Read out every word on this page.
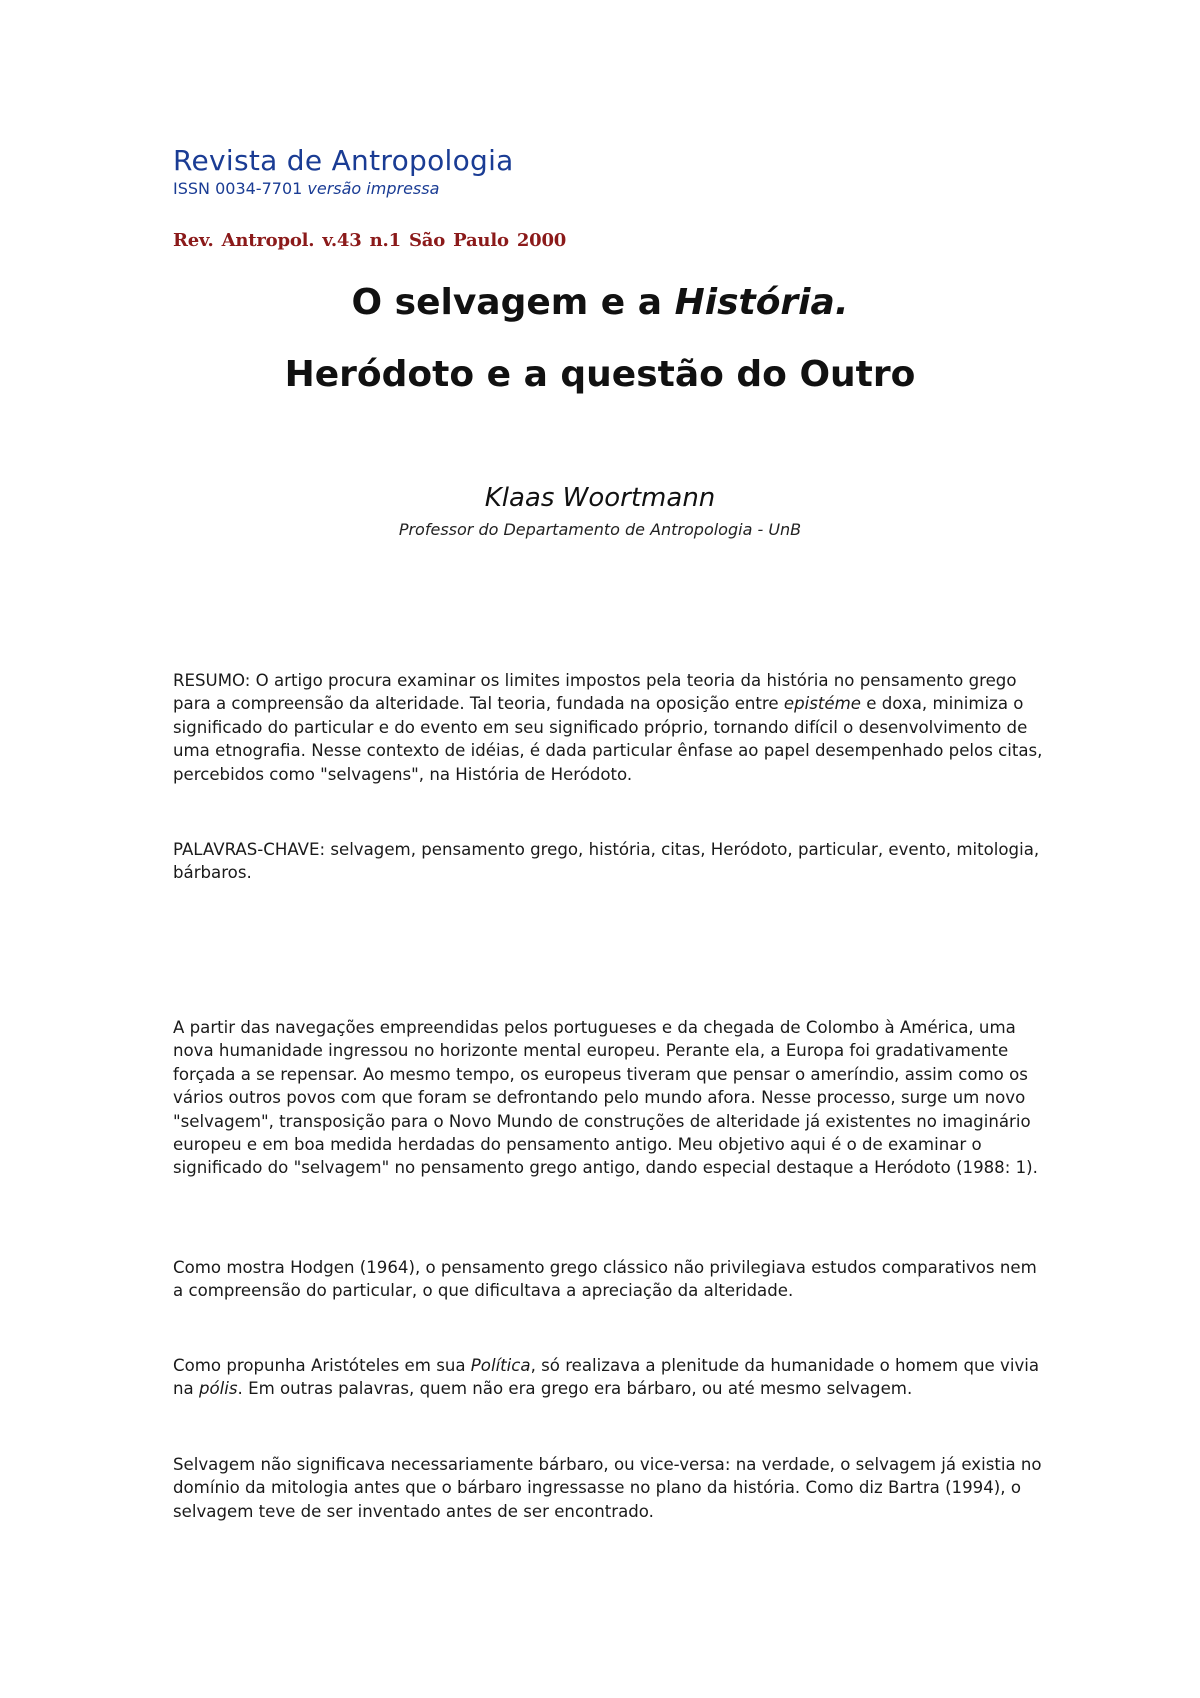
Revista de Antropologia
ISSN 0034-7701 versão impressa
Rev. Antropol. v.43 n.1 São Paulo 2000
O selvagem e a História.
Heródoto e a questão do Outro
Klaas Woortmann
Professor do Departamento de Antropologia - UnB

RESUMO: O artigo procura examinar os limites impostos pela teoria da história no pensamento grego para a compreensão da alteridade. Tal teoria, fundada na oposição entre epistéme e doxa, minimiza o significado do particular e do evento em seu significado próprio, tornando difícil o desenvolvimento de uma etnografia. Nesse contexto de idéias, é dada particular ênfase ao papel desempenhado pelos citas, percebidos como "selvagens", na História de Heródoto.

PALAVRAS-CHAVE: selvagem, pensamento grego, história, citas, Heródoto, particular, evento, mitologia, bárbaros.

A partir das navegações empreendidas pelos portugueses e da chegada de Colombo à América, uma nova humanidade ingressou no horizonte mental europeu. Perante ela, a Europa foi gradativamente forçada a se repensar. Ao mesmo tempo, os europeus tiveram que pensar o ameríndio, assim como os vários outros povos com que foram se defrontando pelo mundo afora. Nesse processo, surge um novo "selvagem", transposição para o Novo Mundo de construções de alteridade já existentes no imaginário europeu e em boa medida herdadas do pensamento antigo. Meu objetivo aqui é o de examinar o significado do "selvagem" no pensamento grego antigo, dando especial destaque a Heródoto (1988: 1).

Como mostra Hodgen (1964), o pensamento grego clássico não privilegiava estudos comparativos nem a compreensão do particular, o que dificultava a apreciação da alteridade.

Como propunha Aristóteles em sua Política, só realizava a plenitude da humanidade o homem que vivia na pólis. Em outras palavras, quem não era grego era bárbaro, ou até mesmo selvagem.

Selvagem não significava necessariamente bárbaro, ou vice-versa: na verdade, o selvagem já existia no domínio da mitologia antes que o bárbaro ingressasse no plano da história. Como diz Bartra (1994), o selvagem teve de ser inventado antes de ser encontrado.
